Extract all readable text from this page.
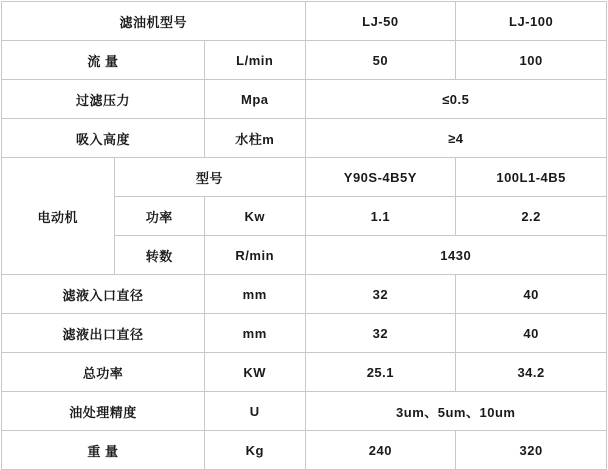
滤油机型号			LJ-50	LJ-100
流 量		L/min	50	100
过滤压力		Mpa	≤0.5	
吸入高度		水柱m	≥4	
电动机	型号		Y90S-4B5Y	100L1-4B5
	功率	Kw	1.1	2.2
	转数	R/min	1430	
滤液入口直径		mm	32	40
滤液出口直径		mm	32	40
总功率		KW	25.1	34.2
油处理精度		U	3um、5um、10um	
重 量		Kg	240	320
